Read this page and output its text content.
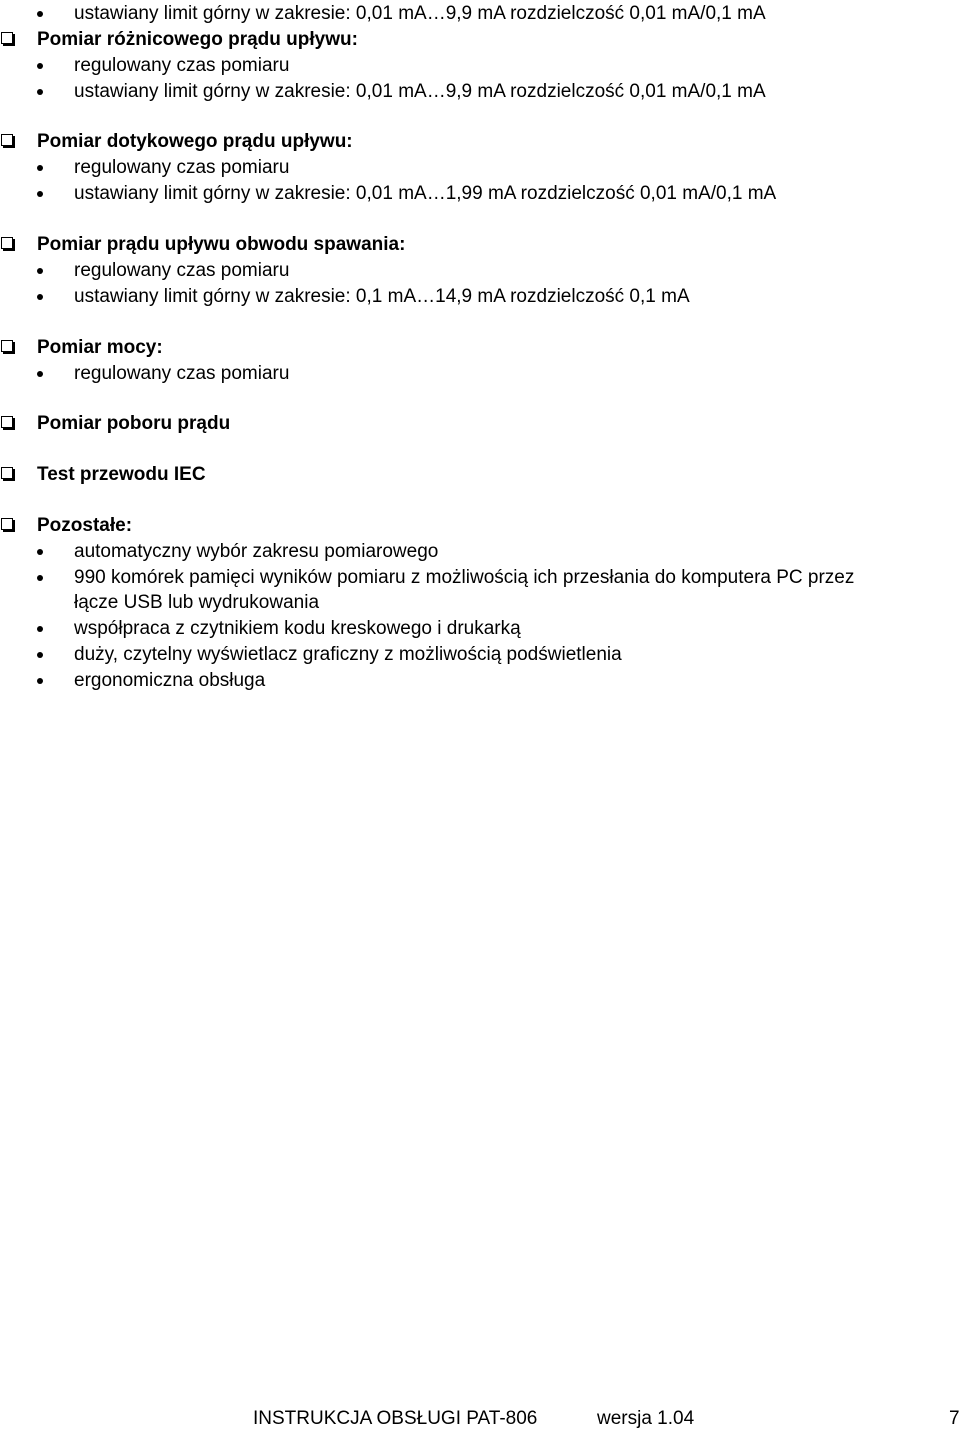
ustawiany limit górny w zakresie: 0,01 mA…9,9 mA rozdzielczość 0,01 mA/0,1 mA
Pomiar różnicowego prądu upływu:
regulowany czas pomiaru
ustawiany limit górny w zakresie: 0,01 mA…9,9 mA rozdzielczość 0,01 mA/0,1 mA
Pomiar dotykowego prądu upływu:
regulowany czas pomiaru
ustawiany limit górny w zakresie: 0,01 mA…1,99 mA rozdzielczość 0,01 mA/0,1 mA
Pomiar prądu upływu obwodu spawania:
regulowany czas pomiaru
ustawiany limit górny w zakresie: 0,1 mA…14,9 mA rozdzielczość 0,1 mA
Pomiar mocy:
regulowany czas pomiaru
Pomiar poboru prądu
Test przewodu IEC
Pozostałe:
automatyczny wybór zakresu pomiarowego
990 komórek pamięci wyników pomiaru z możliwością ich przesłania do komputera PC przez
łącze USB lub wydrukowania
współpraca z czytnikiem kodu kreskowego i drukarką
duży, czytelny wyświetlacz graficzny z możliwością podświetlenia
ergonomiczna obsługa
INSTRUKCJA OBSŁUGI PAT-806	wersja 1.04	7
